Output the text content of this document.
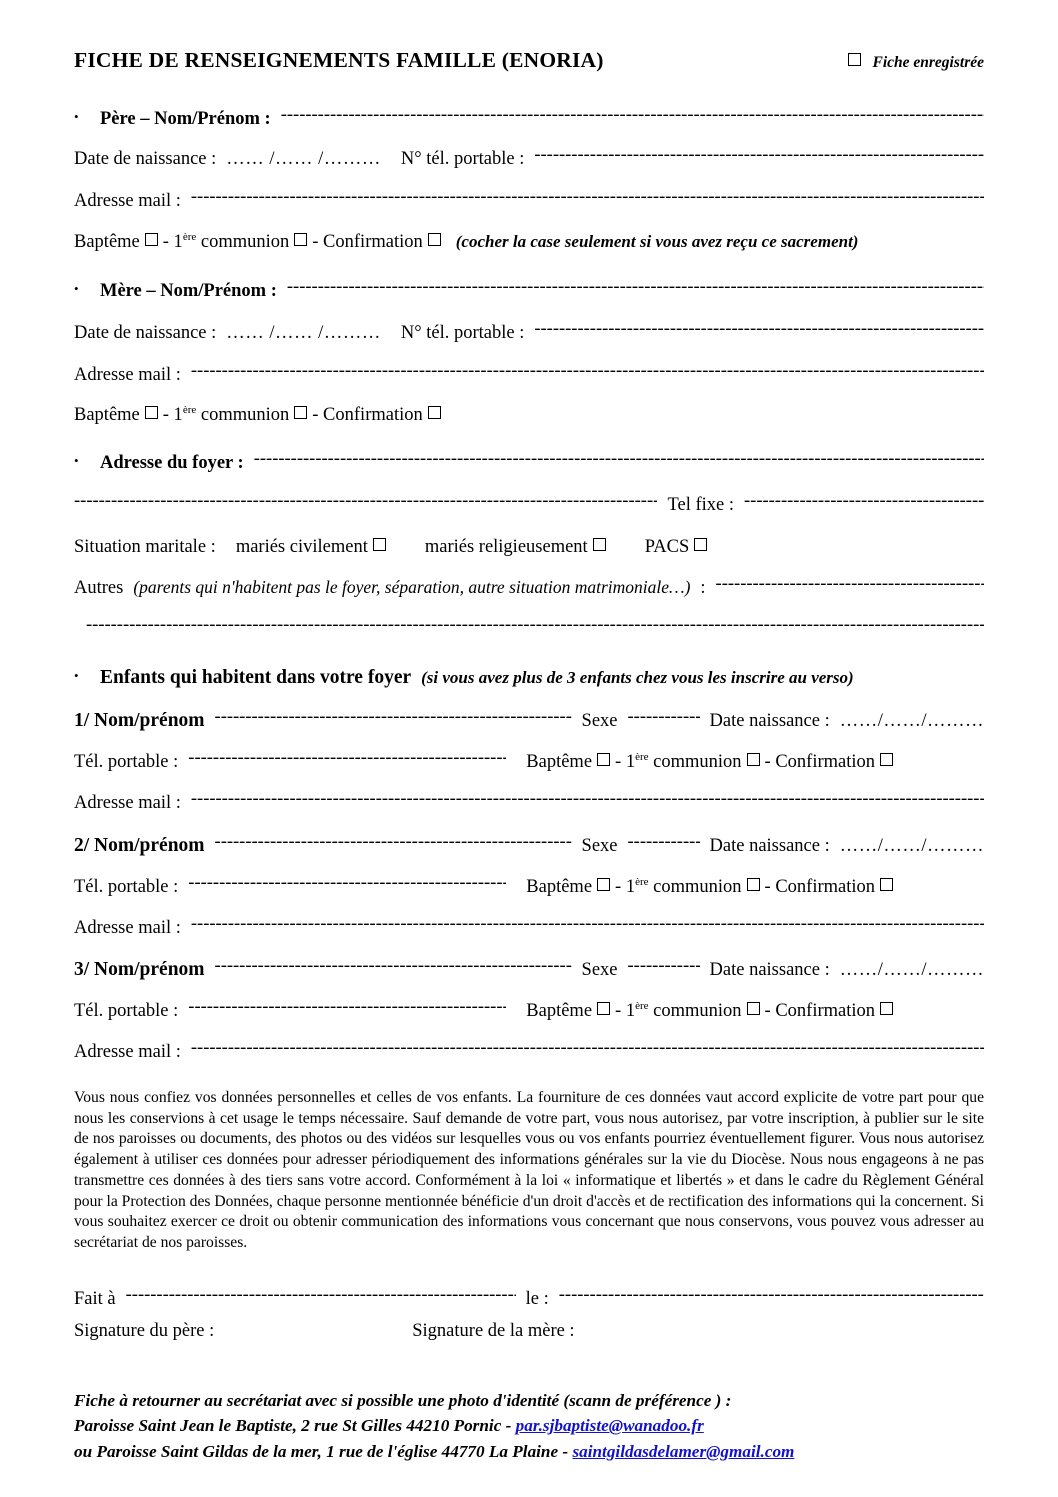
FICHE DE RENSEIGNEMENTS FAMILLE (ENORIA)	Fiche enregistrée
•	Père – Nom/Prénom :
-----
Date de naissance : …… /…… /……… N° tél. portable :
-----
Adresse mail :
-----
Baptême - 1ère communion - Confirmation (cocher la case seulement si vous avez reçu ce sacrement)
•	Mère – Nom/Prénom :
-----
Date de naissance : …… /…… /……… N° tél. portable :
-----
Adresse mail :
-----
Baptême - 1ère communion - Confirmation
•	Adresse du foyer :
-----
-----
Tel fixe :
-----
Situation maritale : mariés civilement	mariés religieusement	PACS
Autres (parents qui n'habitent pas le foyer, séparation, autre situation matrimoniale…) :
-----
-----
•	Enfants qui habitent dans votre foyer (si vous avez plus de 3 enfants chez vous les inscrire au verso)
1/ Nom/prénom -----	Sexe -----	Date naissance : ……/……/………
Tél. portable : -----	Baptême - 1ère communion - Confirmation
Adresse mail :
-----
2/ Nom/prénom -----	Sexe -----	Date naissance : ……/……/………
Tél. portable : -----	Baptême - 1ère communion - Confirmation
Adresse mail :
-----
3/ Nom/prénom -----	Sexe -----	Date naissance : ……/……/………
Tél. portable : -----	Baptême - 1ère communion - Confirmation
Adresse mail :
-----
Vous nous confiez vos données personnelles et celles de vos enfants. La fourniture de ces données vaut accord explicite de votre part pour que nous les conservions à cet usage le temps nécessaire. Sauf demande de votre part, vous nous autorisez, par votre inscription, à publier sur le site de nos paroisses ou documents, des photos ou des vidéos sur lesquelles vous ou vos enfants pourriez éventuellement figurer. Vous nous autorisez également à utiliser ces données pour adresser périodiquement des informations générales sur la vie du Diocèse. Nous nous engageons à ne pas transmettre ces données à des tiers sans votre accord. Conformément à la loi « informatique et libertés » et dans le cadre du Règlement Général pour la Protection des Données, chaque personne mentionnée bénéficie d'un droit d'accès et de rectification des informations qui la concernent. Si vous souhaitez exercer ce droit ou obtenir communication des informations vous concernant que nous conservons, vous pouvez vous adresser au secrétariat de nos paroisses.
Fait à -----	le :
-----
Signature du père :	Signature de la mère :
Fiche à retourner au secrétariat avec si possible une photo d'identité (scann de préférence ) :
Paroisse Saint Jean le Baptiste, 2 rue St Gilles 44210 Pornic - par.sjbaptiste@wanadoo.fr
ou Paroisse Saint Gildas de la mer, 1 rue de l'église 44770 La Plaine - saintgildasdelamer@gmail.com
